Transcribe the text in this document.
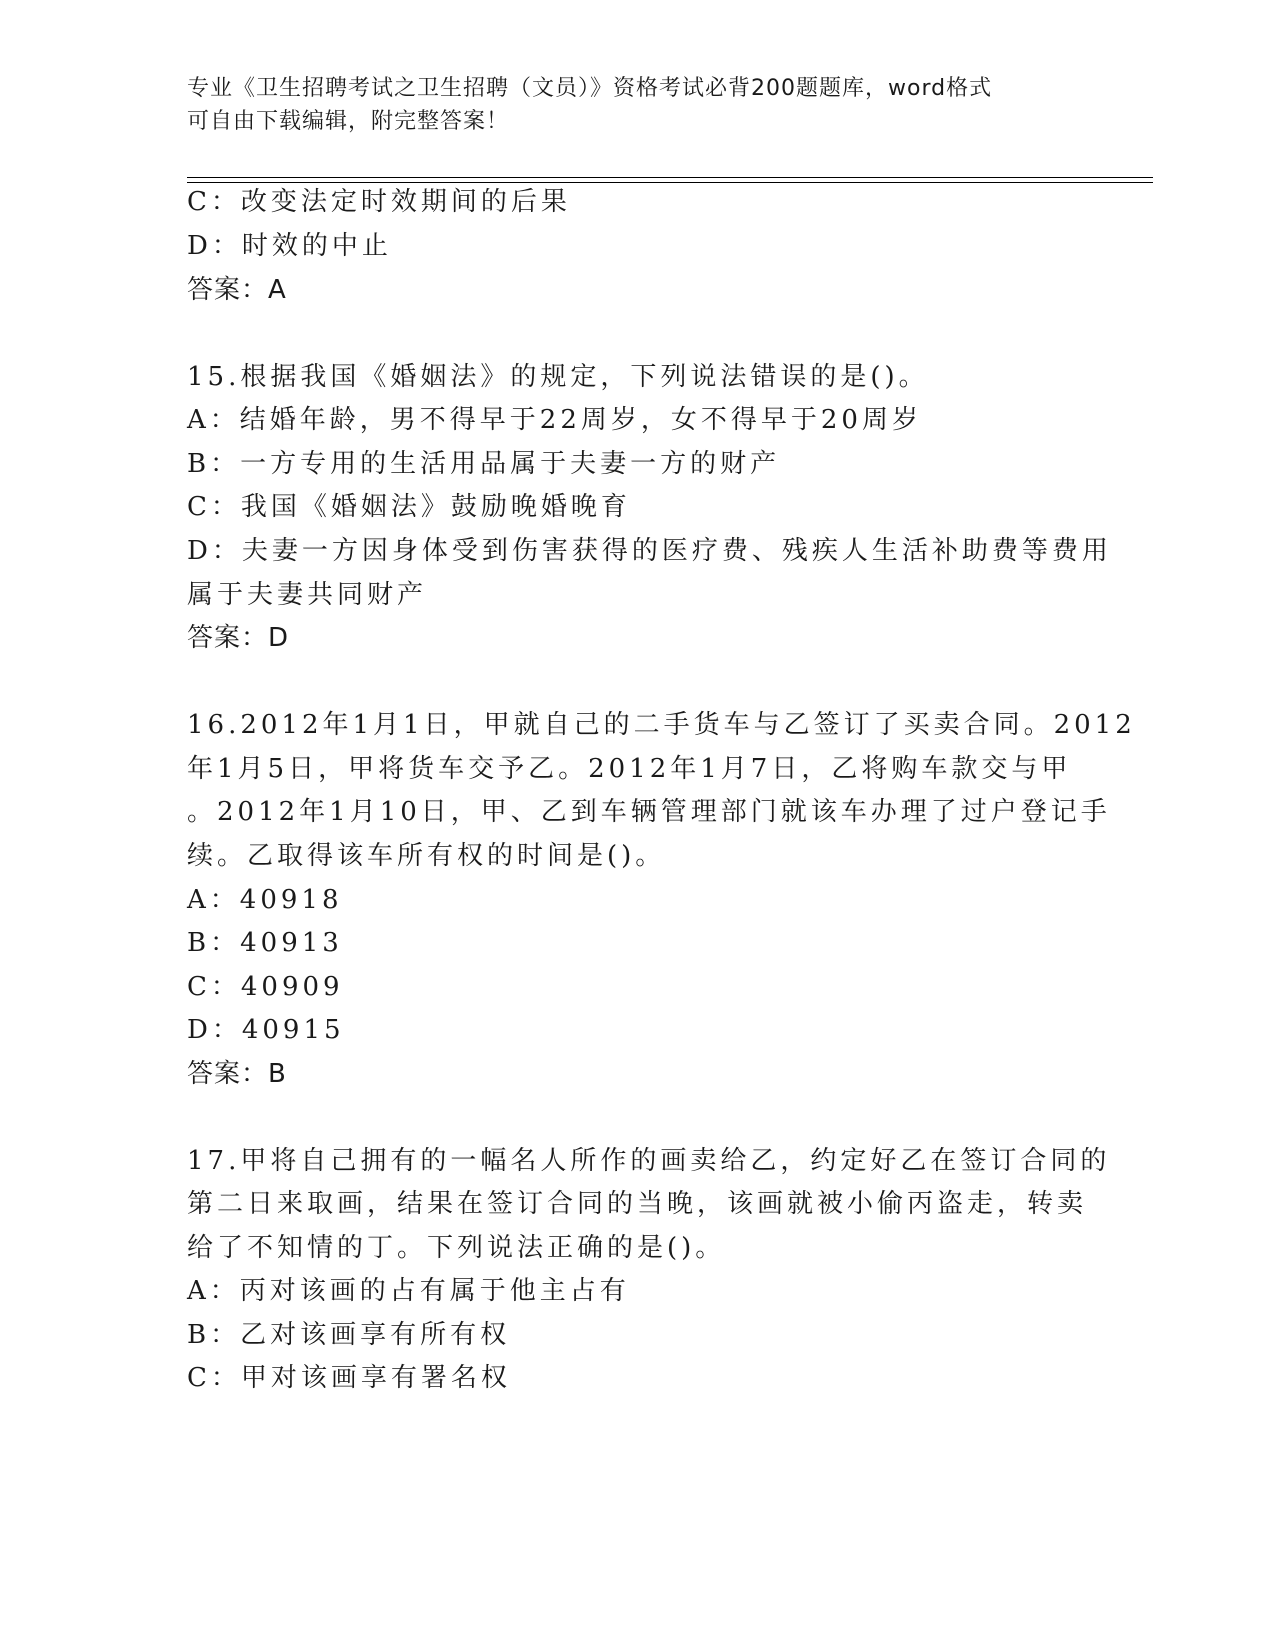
专业《卫生招聘考试之卫生招聘（文员）》资格考试必背200题题库，word格式
可自由下载编辑，附完整答案！
C：改变法定时效期间的后果
D：时效的中止
答案：A
15.根据我国《婚姻法》的规定，下列说法错误的是()。
A：结婚年龄，男不得早于22周岁，女不得早于20周岁
B：一方专用的生活用品属于夫妻一方的财产
C：我国《婚姻法》鼓励晚婚晚育
D：夫妻一方因身体受到伤害获得的医疗费、残疾人生活补助费等费用
属于夫妻共同财产
答案：D
16.2012年1月1日，甲就自己的二手货车与乙签订了买卖合同。2012
年1月5日，甲将货车交予乙。2012年1月7日，乙将购车款交与甲
。2012年1月10日，甲、乙到车辆管理部门就该车办理了过户登记手
续。乙取得该车所有权的时间是()。
A：40918
B：40913
C：40909
D：40915
答案：B
17.甲将自己拥有的一幅名人所作的画卖给乙，约定好乙在签订合同的
第二日来取画，结果在签订合同的当晚，该画就被小偷丙盗走，转卖
给了不知情的丁。下列说法正确的是()。
A：丙对该画的占有属于他主占有
B：乙对该画享有所有权
C：甲对该画享有署名权
